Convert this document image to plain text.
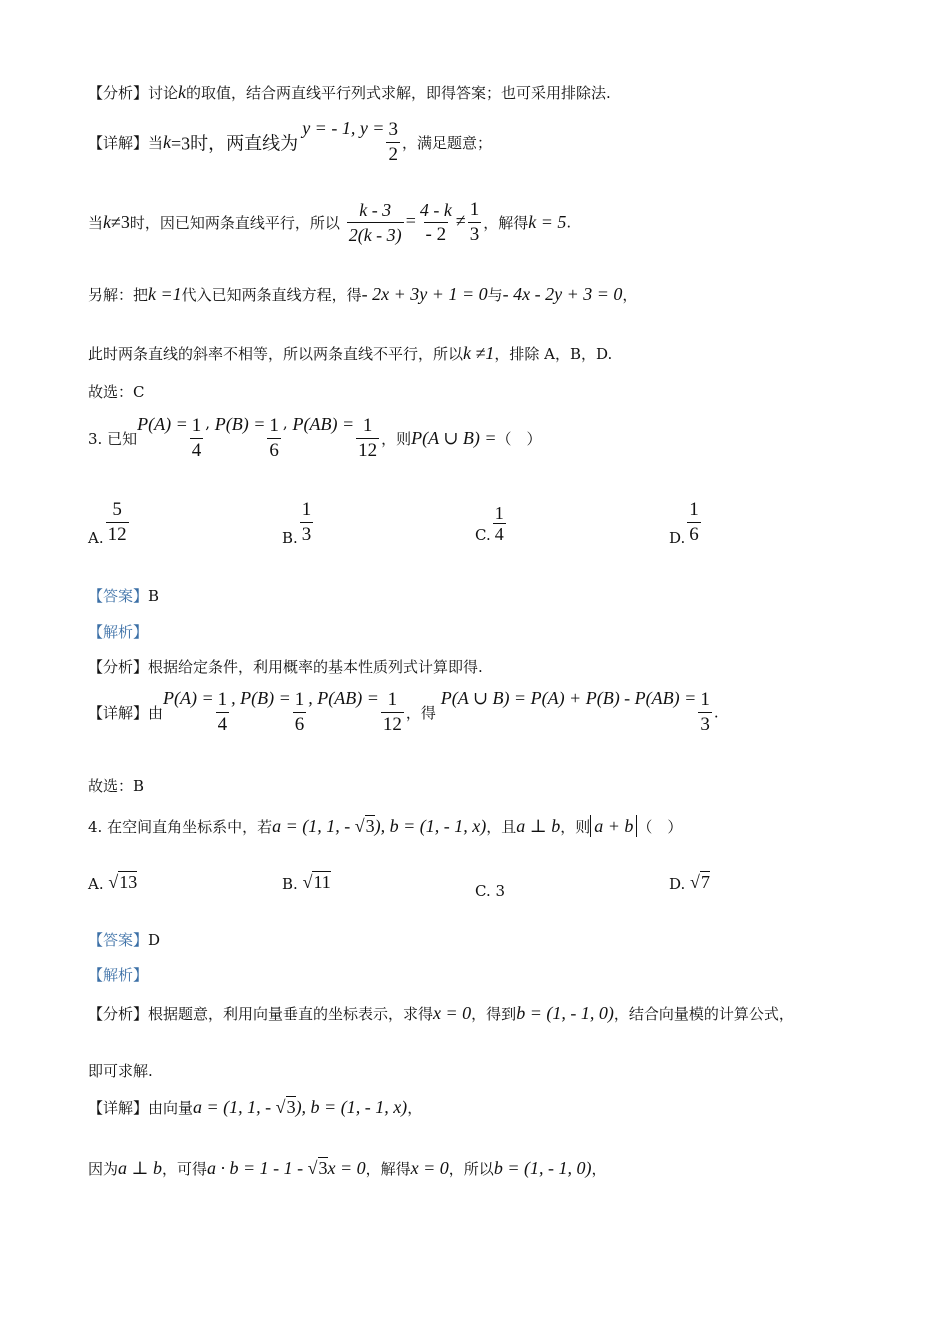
【分析】讨论k的取值，结合两直线平行列式求解，即得答案；也可采用排除法.
【详解】当k=3时，两直线为y = - 1, $y = \frac{3}{2}$ ，满足题意；
当k≠3时，因已知两条直线平行，所以 $\frac{k - 3}{2(k - 3)} = \frac{4 - k}{- 2} \ne \frac{1}{3}$ ，解得k = 5.
另解：把k =1代入已知两条直线方程，得- 2x + 3y + 1 = 0与- 4x - 2y + 3 = 0，
此时两条直线的斜率不相等，所以两条直线不平行，所以k ≠1，排除 A，B，D.
故选：C
3. 已知$P(A) = \frac{1}{4}$ , $P(B) = \frac{1}{6}$ , $P(AB) = \frac{1}{12}$ ，则P(A ∪ B) =（　）
A. $\frac{5}{12}$	B. $\frac{1}{3}$	C. $\frac{1}{4}$	D. $\frac{1}{6}$
【答案】B
【解析】
【分析】根据给定条件，利用概率的基本性质列式计算即得.
【详解】由$P(A) = \frac{1}{4}$ , $P(B) = \frac{1}{6}$ , $P(AB) = \frac{1}{12}$ ，得 P(A ∪ $B) = P(A) + P(B) - P(AB) = \frac{1}{3}$ .
故选：B
4. 在空间直角坐标系中，若a = (1, 1, - √3), b = (1, - 1, x)，且a ⊥ b，则 a + b （　）
A. √13	B. √11	C. 3	D. √7
【答案】D
【解析】
【分析】根据题意，利用向量垂直的坐标表示，求得x = 0，得到b = (1, - 1, 0)，结合向量模的计算公式，
即可求解.
【详解】由向量a = (1, 1, - √3), b = (1, - 1, x)，
因为a ⊥ b，可得a · b = 1 - 1 - √3x = 0，解得x = 0，所以b = (1, - 1, 0)，
